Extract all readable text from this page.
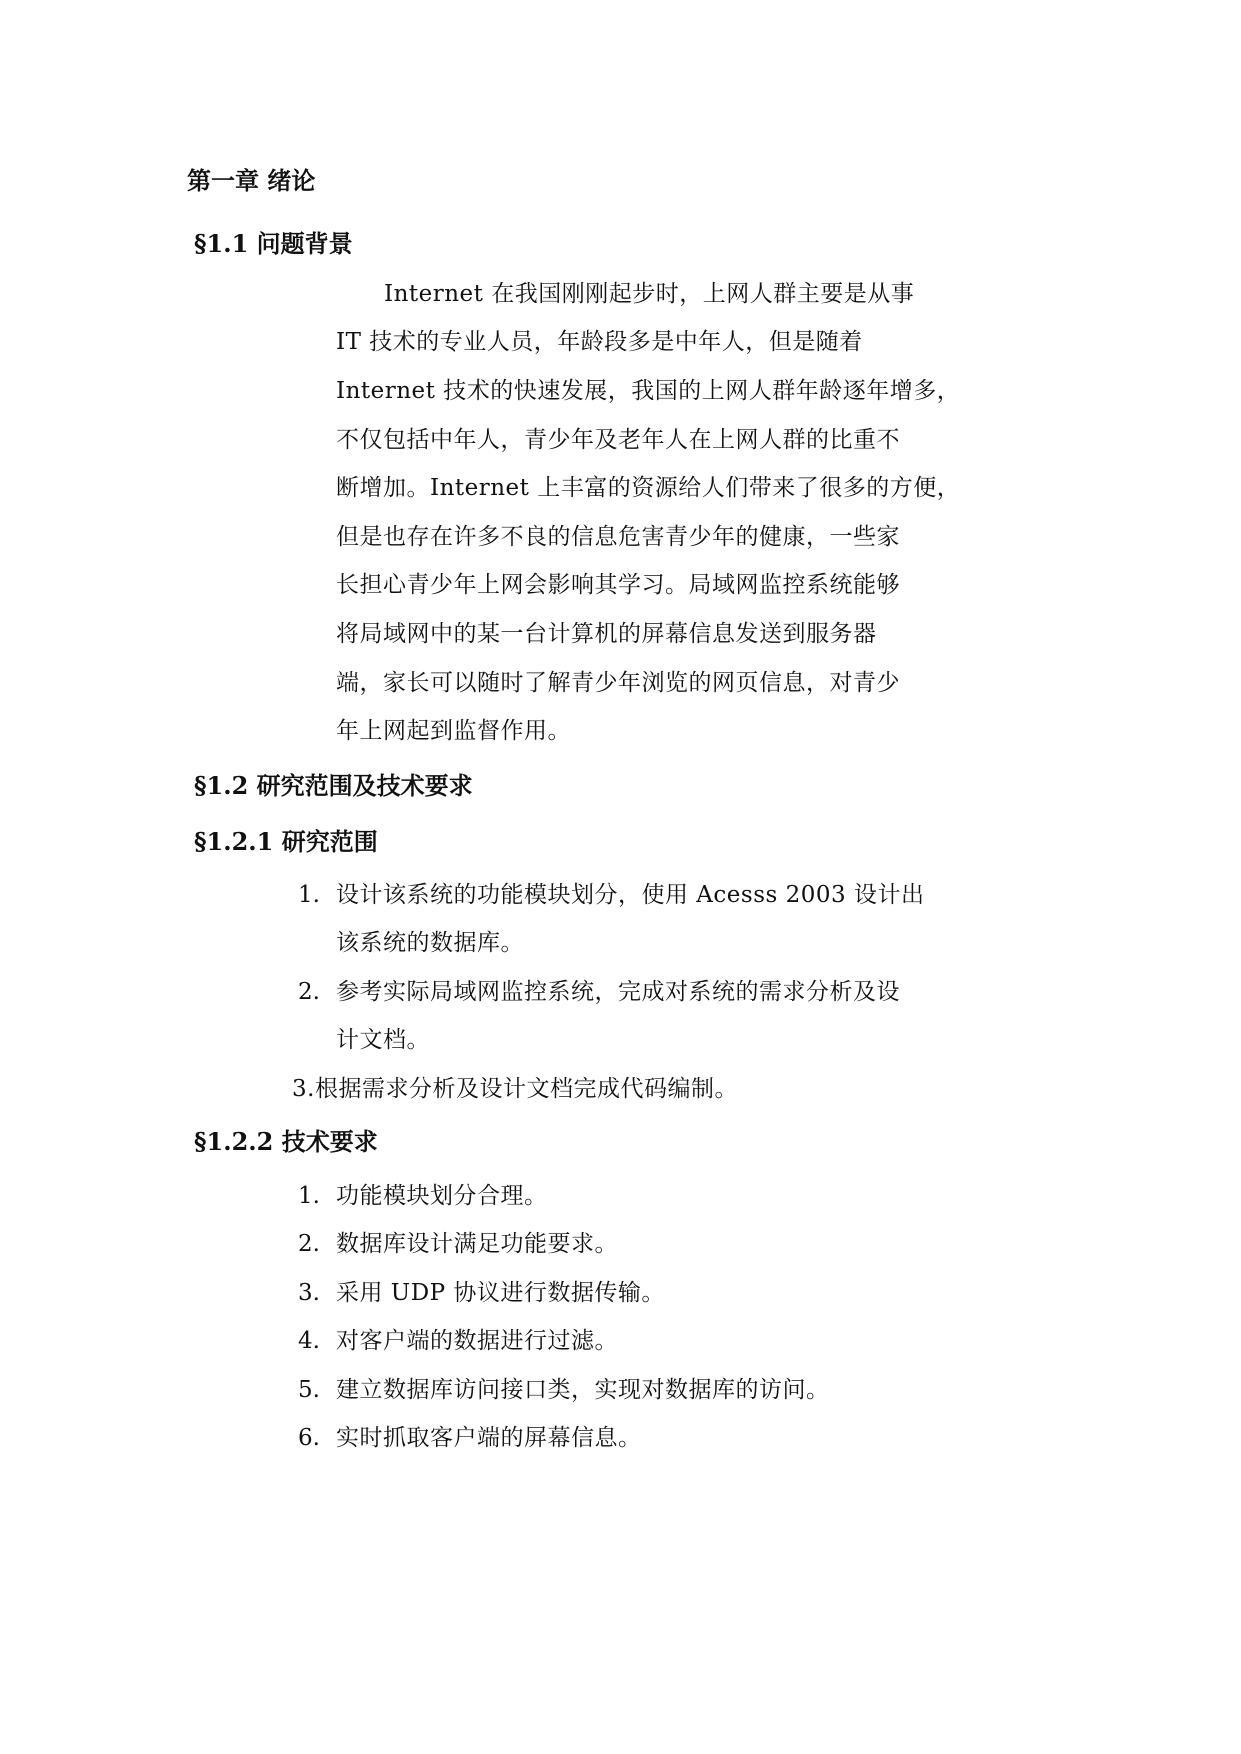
第一章 绪论
§1.1 问题背景
Internet 在我国刚刚起步时，上网人群主要是从事
IT 技术的专业人员，年龄段多是中年人，但是随着
Internet 技术的快速发展，我国的上网人群年龄逐年增多，
不仅包括中年人，青少年及老年人在上网人群的比重不
断增加。Internet 上丰富的资源给人们带来了很多的方便，
但是也存在许多不良的信息危害青少年的健康，一些家
长担心青少年上网会影响其学习。局域网监控系统能够
将局域网中的某一台计算机的屏幕信息发送到服务器
端，家长可以随时了解青少年浏览的网页信息，对青少
年上网起到监督作用。
§1.2 研究范围及技术要求
§1.2.1 研究范围
1. 设计该系统的功能模块划分，使用 Acesss 2003 设计出
该系统的数据库。
2. 参考实际局域网监控系统，完成对系统的需求分析及设
计文档。
3.根据需求分析及设计文档完成代码编制。
§1.2.2 技术要求
1. 功能模块划分合理。
2. 数据库设计满足功能要求。
3. 采用 UDP 协议进行数据传输。
4. 对客户端的数据进行过滤。
5. 建立数据库访问接口类，实现对数据库的访问。
6. 实时抓取客户端的屏幕信息。
